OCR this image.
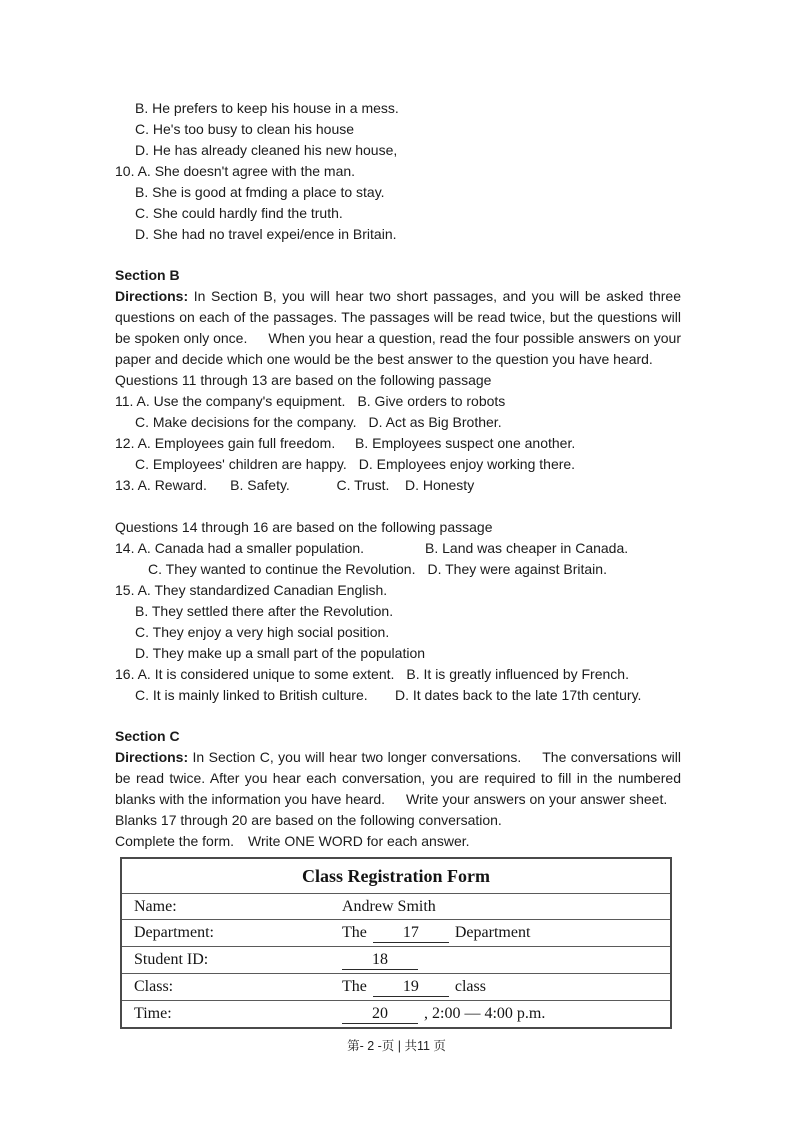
B. He prefers to keep his house in a mess.
C. He's too busy to clean his house
D. He has already cleaned his new house,
10. A. She doesn't agree with the man.
B. She is good at fmding a place to stay.
C. She could hardly find the truth.
D. She had no travel expei/ence in Britain.
Section B
Directions: In Section B, you will hear two short passages, and you will be asked three questions on each of the passages. The passages will be read twice, but the questions will be spoken only once.  When you hear a question, read the four possible answers on your paper and decide which one would be the best answer to the question you have heard.
Questions 11 through 13 are based on the following passage
11. A. Use the company's equipment. B. Give orders to robots
C. Make decisions for the company. D. Act as Big Brother.
12. A. Employees gain full freedom.	B. Employees suspect one another.
C. Employees' children are happy. D. Employees enjoy working there.
13. A. Reward.      B. Safety.            C. Trust.    D. Honesty
Questions 14 through 16 are based on the following passage
14. A. Canada had a smaller population.	B. Land was cheaper in Canada.
C. They wanted to continue the Revolution. D. They were against Britain.
15. A. They standardized Canadian English.
B. They settled there after the Revolution.
C. They enjoy a very high social position.
D. They make up a small part of the population
16. A. It is considered unique to some extent. B. It is greatly influenced by French.
C. It is mainly linked to British culture.	D. It dates back to the late 17th century.
Section C
Directions: In Section C, you will hear two longer conversations.  The conversations will be read twice. After you hear each conversation, you are required to fill in the numbered blanks with the information you have heard.  Write your answers on your answer sheet.
Blanks 17 through 20 are based on the following conversation.
Complete the form. Write ONE WORD for each answer.
Class Registration Form
Name:	Andrew Smith
Department:	The	17	Department
Student ID:	18
Class:	The	19	class
Time:	20	, 2:00 — 4:00 p.m.
第- 2 -页 | 共11 页
